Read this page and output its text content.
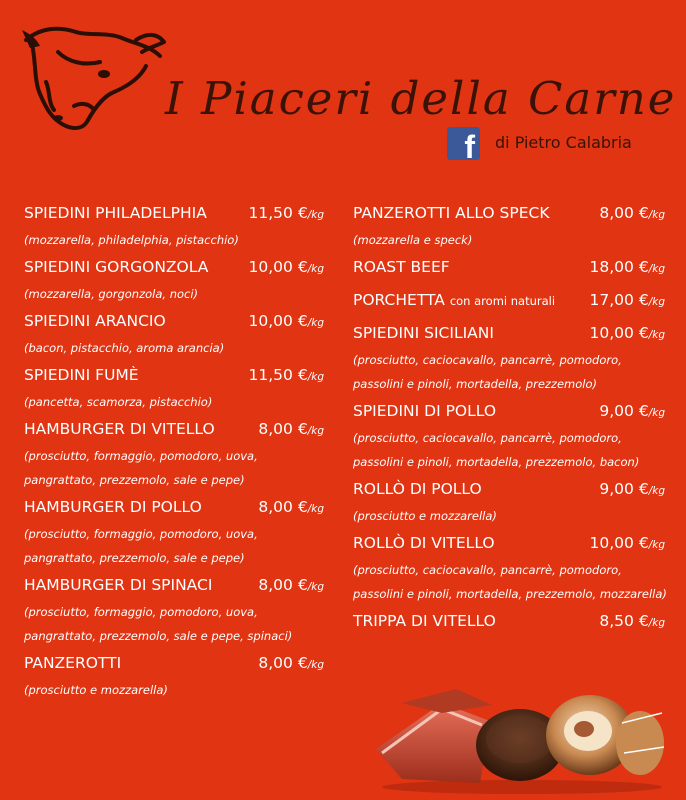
I Piaceri della Carne
f di Pietro Calabria
SPIEDINI PHILADELPHIA	11,50 €/kg
(mozzarella, philadelphia, pistacchio)
SPIEDINI GORGONZOLA	10,00 €/kg
(mozzarella, gorgonzola, noci)
SPIEDINI ARANCIO	10,00 €/kg
(bacon, pistacchio, aroma arancia)
SPIEDINI FUMÈ	11,50 €/kg
(pancetta, scamorza, pistacchio)
HAMBURGER DI VITELLO	8,00 €/kg
(prosciutto, formaggio, pomodoro, uova,
pangrattato, prezzemolo, sale e pepe)
HAMBURGER DI POLLO	8,00 €/kg
(prosciutto, formaggio, pomodoro, uova,
pangrattato, prezzemolo, sale e pepe)
HAMBURGER DI SPINACI	8,00 €/kg
(prosciutto, formaggio, pomodoro, uova,
pangrattato, prezzemolo, sale e pepe, spinaci)
PANZEROTTI	8,00 €/kg
(prosciutto e mozzarella)
PANZEROTTI ALLO SPECK	8,00 €/kg
(mozzarella e speck)
ROAST BEEF	18,00 €/kg
PORCHETTA con aromi naturali 17,00 €/kg
SPIEDINI SICILIANI	10,00 €/kg
(prosciutto, caciocavallo, pancarrè, pomodoro,
passolini e pinoli, mortadella, prezzemolo)
SPIEDINI DI POLLO	9,00 €/kg
(prosciutto, caciocavallo, pancarrè, pomodoro,
passolini e pinoli, mortadella, prezzemolo, bacon)
ROLLÒ DI POLLO	9,00 €/kg
(prosciutto e mozzarella)
ROLLÒ DI VITELLO	10,00 €/kg
(prosciutto, caciocavallo, pancarrè, pomodoro,
passolini e pinoli, mortadella, prezzemolo, mozzarella)
TRIPPA DI VITELLO	8,50 €/kg
